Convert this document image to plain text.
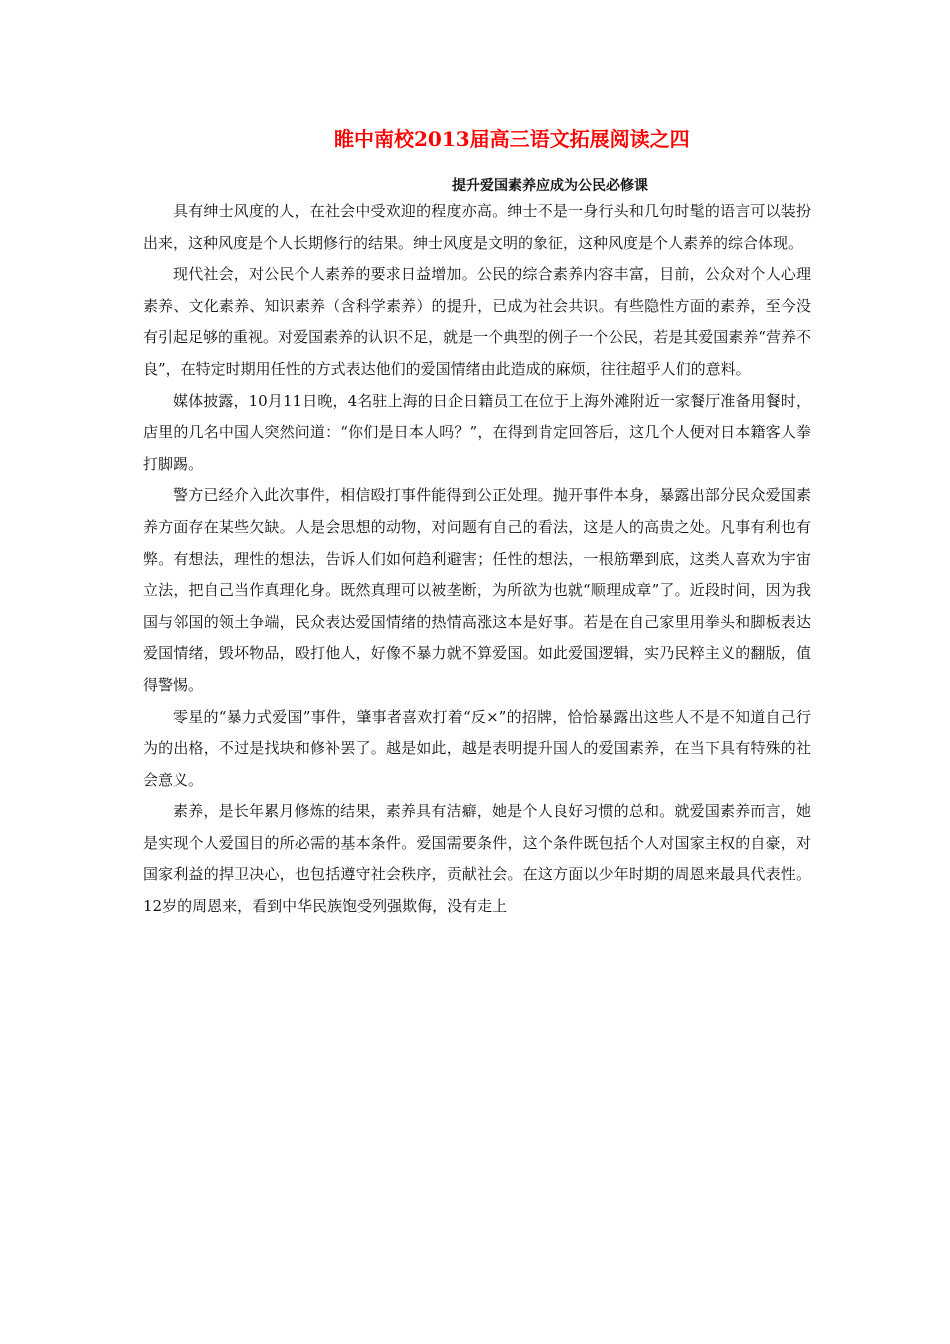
睢中南校2013届高三语文拓展阅读之四
提升爱国素养应成为公民必修课

具有绅士风度的人，在社会中受欢迎的程度亦高。绅士不是一身行头和几句时髦的语言可以装扮出来，这种风度是个人长期修行的结果。绅士风度是文明的象征，这种风度是个人素养的综合体现。

现代社会，对公民个人素养的要求日益增加。公民的综合素养内容丰富，目前，公众对个人心理素养、文化素养、知识素养（含科学素养）的提升，已成为社会共识。有些隐性方面的素养，至今没有引起足够的重视。对爱国素养的认识不足，就是一个典型的例子一个公民，若是其爱国素养“营养不良”，在特定时期用任性的方式表达他们的爱国情绪由此造成的麻烦，往往超乎人们的意料。

媒体披露，10月11日晚，4名驻上海的日企日籍员工在位于上海外滩附近一家餐厅准备用餐时，店里的几名中国人突然问道：“你们是日本人吗？”，在得到肯定回答后，这几个人便对日本籍客人拳打脚踢。

警方已经介入此次事件，相信殴打事件能得到公正处理。抛开事件本身，暴露出部分民众爱国素养方面存在某些欠缺。人是会思想的动物，对问题有自己的看法，这是人的高贵之处。凡事有利也有弊。有想法，理性的想法，告诉人们如何趋利避害；任性的想法，一根筋犟到底，这类人喜欢为宇宙立法，把自己当作真理化身。既然真理可以被垄断，为所欲为也就“顺理成章”了。近段时间，因为我国与邻国的领土争端，民众表达爱国情绪的热情高涨这本是好事。若是在自己家里用拳头和脚板表达爱国情绪，毁坏物品，殴打他人，好像不暴力就不算爱国。如此爱国逻辑，实乃民粹主义的翻版，值得警惕。

零星的“暴力式爱国”事件，肇事者喜欢打着“反×”的招牌，恰恰暴露出这些人不是不知道自己行为的出格，不过是找块和修补罢了。越是如此，越是表明提升国人的爱国素养，在当下具有特殊的社会意义。

素养，是长年累月修炼的结果，素养具有洁癖，她是个人良好习惯的总和。就爱国素养而言，她是实现个人爱国目的所必需的基本条件。爱国需要条件，这个条件既包括个人对国家主权的自豪，对国家利益的捍卫决心，也包括遵守社会秩序，贡献社会。在这方面以少年时期的周恩来最具代表性。12岁的周恩来，看到中华民族饱受列强欺侮，没有走上
